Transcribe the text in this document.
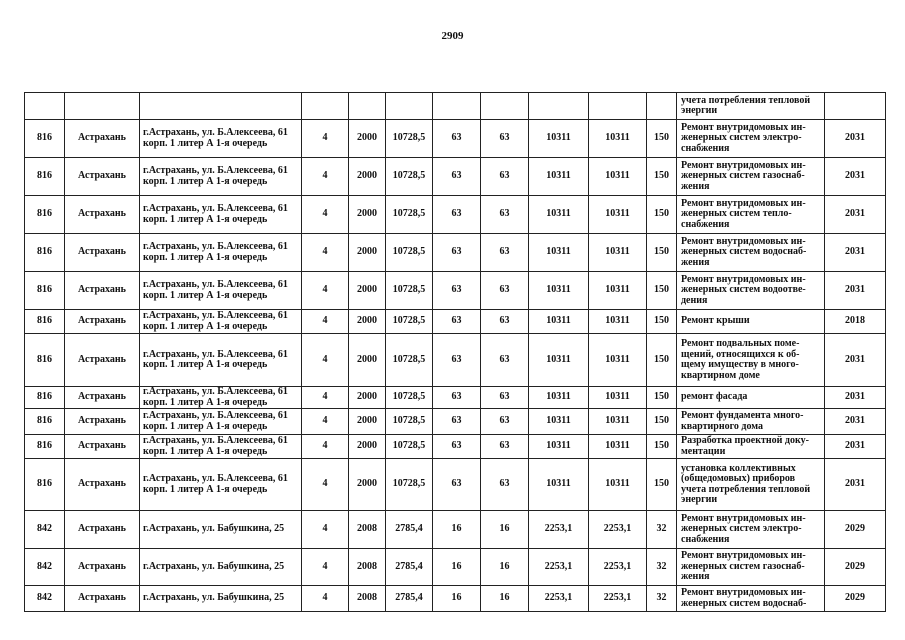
2909

											учета потребления тепловой
энергии	

816	Астрахань	г.Астрахань, ул. Б.Алексеева, 61
корп. 1 литер А 1-я очередь	4	2000	10728,5	63	63	10311	10311	150	Ремонт внутридомовых ин-
женерных систем электро-
снабжения	2031
816	Астрахань	г.Астрахань, ул. Б.Алексеева, 61
корп. 1 литер А 1-я очередь	4	2000	10728,5	63	63	10311	10311	150	Ремонт внутридомовых ин-
женерных систем газоснаб-
жения	2031
816	Астрахань	г.Астрахань, ул. Б.Алексеева, 61
корп. 1 литер А 1-я очередь	4	2000	10728,5	63	63	10311	10311	150	Ремонт внутридомовых ин-
женерных систем тепло-
снабжения	2031
816	Астрахань	г.Астрахань, ул. Б.Алексеева, 61
корп. 1 литер А 1-я очередь	4	2000	10728,5	63	63	10311	10311	150	Ремонт внутридомовых ин-
женерных систем водоснаб-
жения	2031
816	Астрахань	г.Астрахань, ул. Б.Алексеева, 61
корп. 1 литер А 1-я очередь	4	2000	10728,5	63	63	10311	10311	150	Ремонт внутридомовых ин-
женерных систем водоотве-
дения	2031
816	Астрахань	г.Астрахань, ул. Б.Алексеева, 61
корп. 1 литер А 1-я очередь	4	2000	10728,5	63	63	10311	10311	150	Ремонт крыши	2018
816	Астрахань	г.Астрахань, ул. Б.Алексеева, 61
корп. 1 литер А 1-я очередь	4	2000	10728,5	63	63	10311	10311	150	Ремонт подвальных поме-
щений, относящихся к об-
щему имуществу в много-
квартирном доме	2031
816	Астрахань	г.Астрахань, ул. Б.Алексеева, 61
корп. 1 литер А 1-я очередь	4	2000	10728,5	63	63	10311	10311	150	ремонт фасада	2031
816	Астрахань	г.Астрахань, ул. Б.Алексеева, 61
корп. 1 литер А 1-я очередь	4	2000	10728,5	63	63	10311	10311	150	Ремонт фундамента много-
квартирного дома	2031
816	Астрахань	г.Астрахань, ул. Б.Алексеева, 61
корп. 1 литер А 1-я очередь	4	2000	10728,5	63	63	10311	10311	150	Разработка проектной доку-
ментации	2031
816	Астрахань	г.Астрахань, ул. Б.Алексеева, 61
корп. 1 литер А 1-я очередь	4	2000	10728,5	63	63	10311	10311	150	установка коллективных
(общедомовых) приборов
учета потребления тепловой
энергии	2031
842	Астрахань	г.Астрахань, ул. Бабушкина, 25	4	2008	2785,4	16	16	2253,1	2253,1	32	Ремонт внутридомовых ин-
женерных систем электро-
снабжения	2029
842	Астрахань	г.Астрахань, ул. Бабушкина, 25	4	2008	2785,4	16	16	2253,1	2253,1	32	Ремонт внутридомовых ин-
женерных систем газоснаб-
жения	2029
842	Астрахань	г.Астрахань, ул. Бабушкина, 25	4	2008	2785,4	16	16	2253,1	2253,1	32	Ремонт внутридомовых ин-
женерных систем водоснаб-	2029
